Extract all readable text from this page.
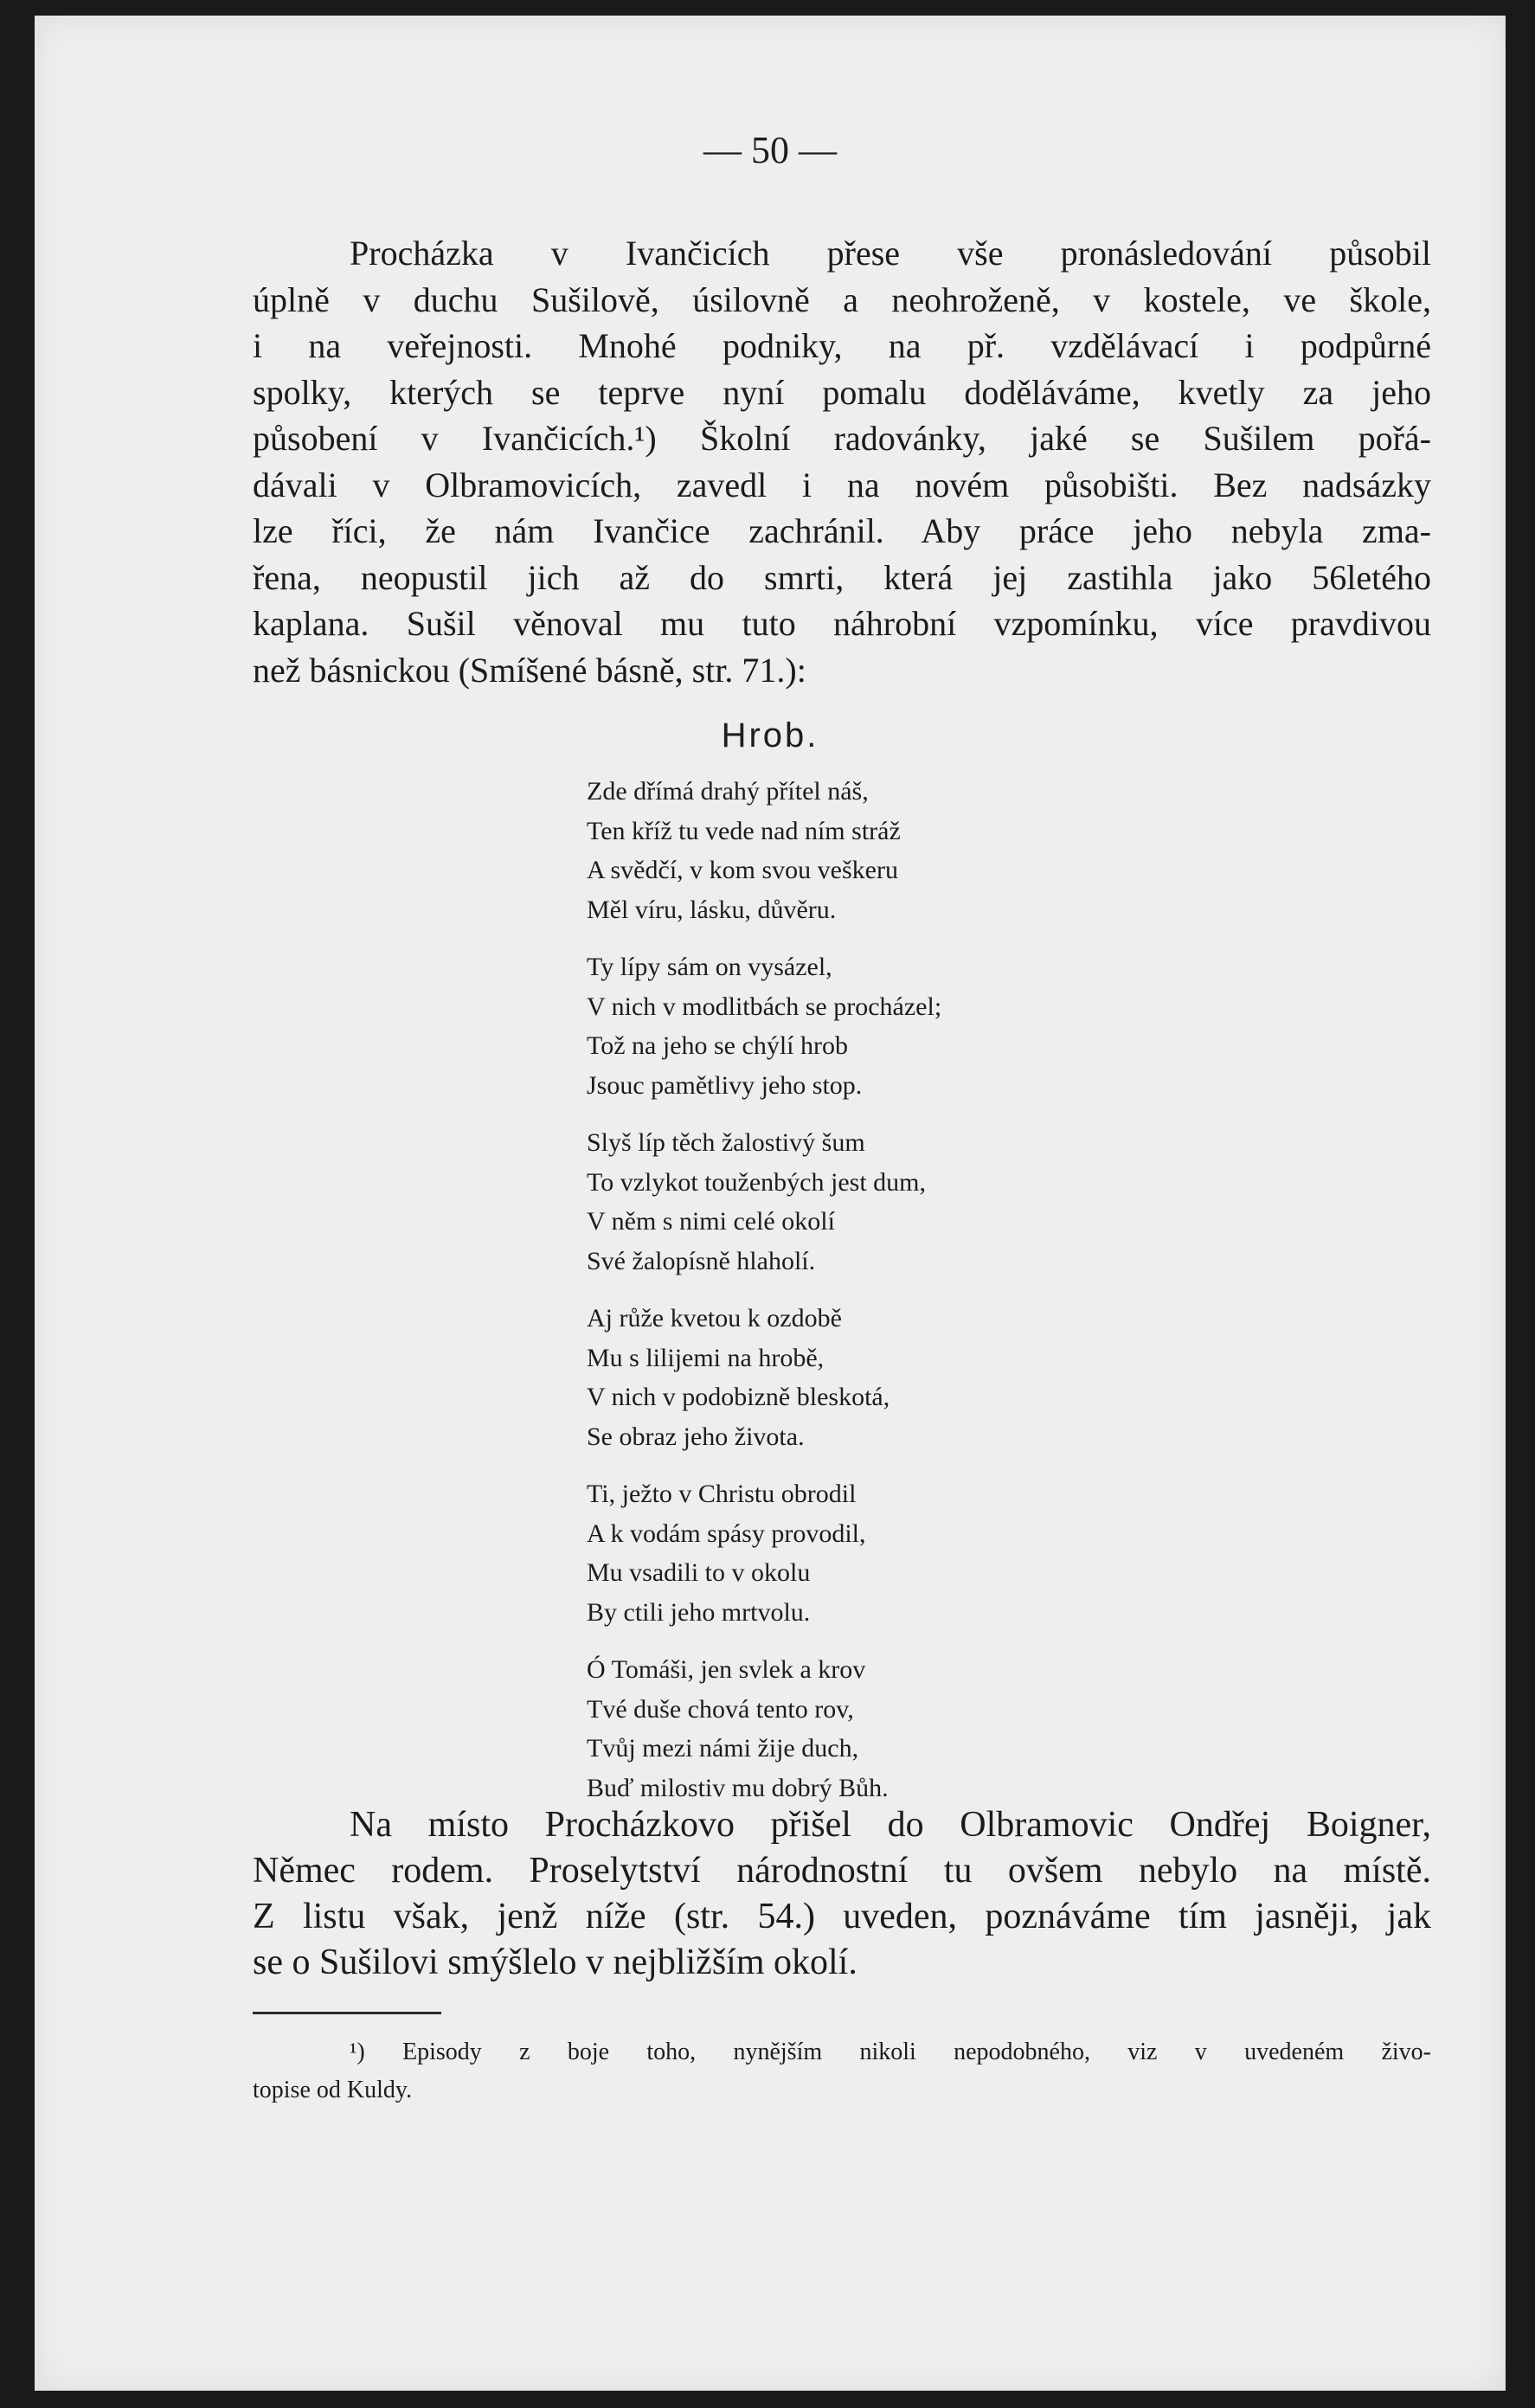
— 50 —
Procházka v Ivančicích přese vše pronásledování působil
úplně v duchu Sušilově, úsilovně a neohroženě, v kostele, ve škole,
i na veřejnosti. Mnohé podniky, na př. vzdělávací i podpůrné
spolky, kterých se teprve nyní pomalu doděláváme, kvetly za jeho
působení v Ivančicích.¹) Školní radovánky, jaké se Sušilem pořá-
dávali v Olbramovicích, zavedl i na novém působišti. Bez nadsázky
lze říci, že nám Ivančice zachránil. Aby práce jeho nebyla zma-
řena, neopustil jich až do smrti, která jej zastihla jako 56letého
kaplana. Sušil věnoval mu tuto náhrobní vzpomínku, více pravdivou
než básnickou (Smíšené básně, str. 71.):
Hrob.
Zde dřímá drahý přítel náš,
Ten kříž tu vede nad ním stráž
A svědčí, v kom svou veškeru
Měl víru, lásku, důvěru.
Ty lípy sám on vysázel,
V nich v modlitbách se procházel;
Tož na jeho se chýlí hrob
Jsouc pamětlivy jeho stop.
Slyš líp těch žalostivý šum
To vzlykot touženbých jest dum,
V něm s nimi celé okolí
Své žalopísně hlaholí.
Aj růže kvetou k ozdobě
Mu s lilijemi na hrobě,
V nich v podobizně bleskotá,
Se obraz jeho života.
Ti, ježto v Christu obrodil
A k vodám spásy provodil,
Mu vsadili to v okolu
By ctili jeho mrtvolu.
Ó Tomáši, jen svlek a krov
Tvé duše chová tento rov,
Tvůj mezi námi žije duch,
Buď milostiv mu dobrý Bůh.
Na místo Procházkovo přišel do Olbramovic Ondřej Boigner,
Němec rodem. Proselytství národnostní tu ovšem nebylo na místě.
Z listu však, jenž níže (str. 54.) uveden, poznáváme tím jasněji, jak
se o Sušilovi smýšlelo v nejbližším okolí.
¹) Episody z boje toho, nynějším nikoli nepodobného, viz v uvedeném živo-
topise od Kuldy.
